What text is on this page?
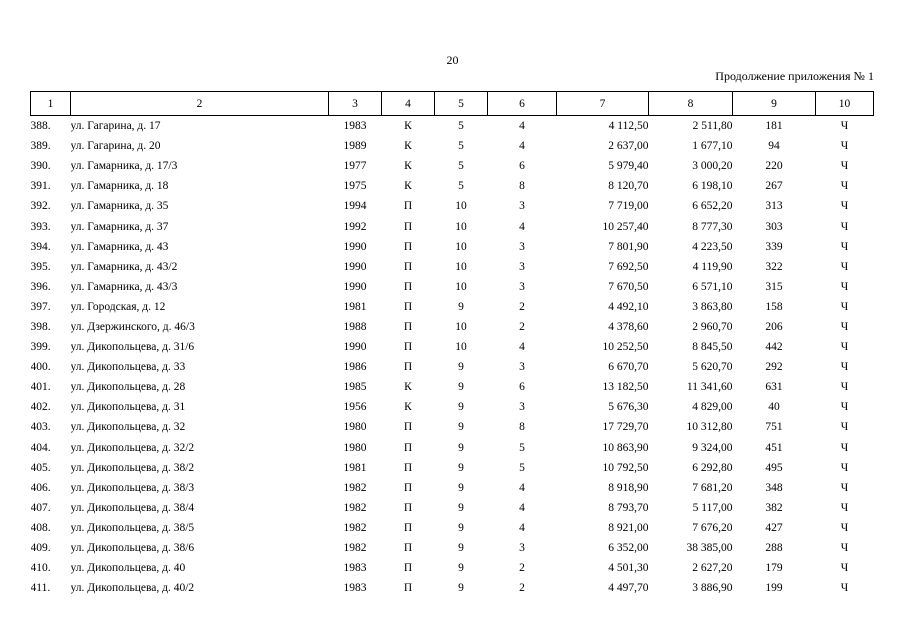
20
Продолжение приложения № 1
1	2	3	4	5	6	7	8	9	10
388.	ул. Гагарина, д. 17	1983	К	5	4	4 112,50	2 511,80	181	Ч
389.	ул. Гагарина, д. 20	1989	К	5	4	2 637,00	1 677,10	94	Ч
390.	ул. Гамарника, д. 17/3	1977	К	5	6	5 979,40	3 000,20	220	Ч
391.	ул. Гамарника, д. 18	1975	К	5	8	8 120,70	6 198,10	267	Ч
392.	ул. Гамарника, д. 35	1994	П	10	3	7 719,00	6 652,20	313	Ч
393.	ул. Гамарника, д. 37	1992	П	10	4	10 257,40	8 777,30	303	Ч
394.	ул. Гамарника, д. 43	1990	П	10	3	7 801,90	4 223,50	339	Ч
395.	ул. Гамарника, д. 43/2	1990	П	10	3	7 692,50	4 119,90	322	Ч
396.	ул. Гамарника, д. 43/3	1990	П	10	3	7 670,50	6 571,10	315	Ч
397.	ул. Городская, д. 12	1981	П	9	2	4 492,10	3 863,80	158	Ч
398.	ул. Дзержинского, д. 46/3	1988	П	10	2	4 378,60	2 960,70	206	Ч
399.	ул. Дикопольцева, д. 31/6	1990	П	10	4	10 252,50	8 845,50	442	Ч
400.	ул. Дикопольцева, д. 33	1986	П	9	3	6 670,70	5 620,70	292	Ч
401.	ул. Дикопольцева, д. 28	1985	К	9	6	13 182,50	11 341,60	631	Ч
402.	ул. Дикопольцева, д. 31	1956	К	9	3	5 676,30	4 829,00	40	Ч
403.	ул. Дикопольцева, д. 32	1980	П	9	8	17 729,70	10 312,80	751	Ч
404.	ул. Дикопольцева, д. 32/2	1980	П	9	5	10 863,90	9 324,00	451	Ч
405.	ул. Дикопольцева, д. 38/2	1981	П	9	5	10 792,50	6 292,80	495	Ч
406.	ул. Дикопольцева, д. 38/3	1982	П	9	4	8 918,90	7 681,20	348	Ч
407.	ул. Дикопольцева, д. 38/4	1982	П	9	4	8 793,70	5 117,00	382	Ч
408.	ул. Дикопольцева, д. 38/5	1982	П	9	4	8 921,00	7 676,20	427	Ч
409.	ул. Дикопольцева, д. 38/6	1982	П	9	3	6 352,00	38 385,00	288	Ч
410.	ул. Дикопольцева, д. 40	1983	П	9	2	4 501,30	2 627,20	179	Ч
411.	ул. Дикопольцева, д. 40/2	1983	П	9	2	4 497,70	3 886,90	199	Ч
